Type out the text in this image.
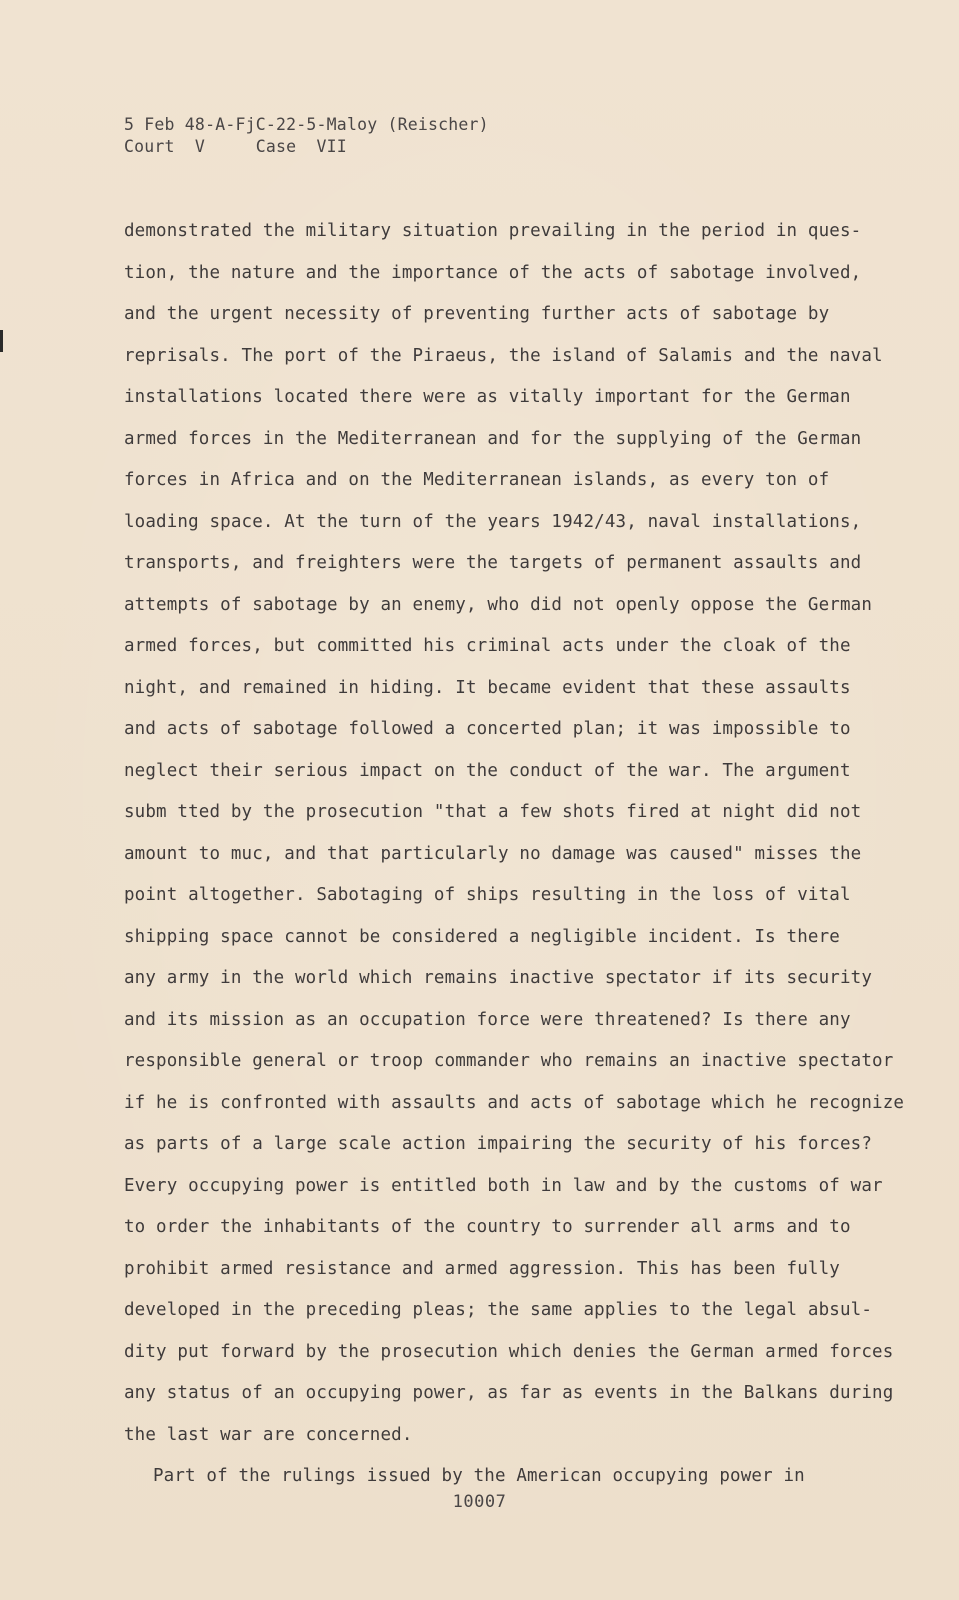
5 Feb 48-A-FjC-22-5-Maloy (Reischer)
Court  V     Case  VII
demonstrated the military situation prevailing in the period in ques-
tion, the nature and the importance of the acts of sabotage involved,
and the urgent necessity of preventing further acts of sabotage by
reprisals. The port of the Piraeus, the island of Salamis and the naval
installations located there were as vitally important for the German
armed forces in the Mediterranean and for the supplying of the German
forces in Africa and on the Mediterranean islands, as every ton of
loading space. At the turn of the years 1942/43, naval installations,
transports, and freighters were the targets of permanent assaults and
attempts of sabotage by an enemy, who did not openly oppose the German
armed forces, but committed his criminal acts under the cloak of the
night, and remained in hiding. It became evident that these assaults
and acts of sabotage followed a concerted plan; it was impossible to
neglect their serious impact on the conduct of the war. The argument
subm tted by the prosecution "that a few shots fired at night did not
amount to muc, and that particularly no damage was caused" misses the
point altogether. Sabotaging of ships resulting in the loss of vital
shipping space cannot be considered a negligible incident. Is there
any army in the world which remains inactive spectator if its security
and its mission as an occupation force were threatened? Is there any
responsible general or troop commander who remains an inactive spectator
if he is confronted with assaults and acts of sabotage which he recognize
as parts of a large scale action impairing the security of his forces?
Every occupying power is entitled both in law and by the customs of war
to order the inhabitants of the country to surrender all arms and to
prohibit armed resistance and armed aggression. This has been fully
developed in the preceding pleas; the same applies to the legal absul-
dity put forward by the prosecution which denies the German armed forces
any status of an occupying power, as far as events in the Balkans during
the last war are concerned.
Part of the rulings issued by the American occupying power in
10007
